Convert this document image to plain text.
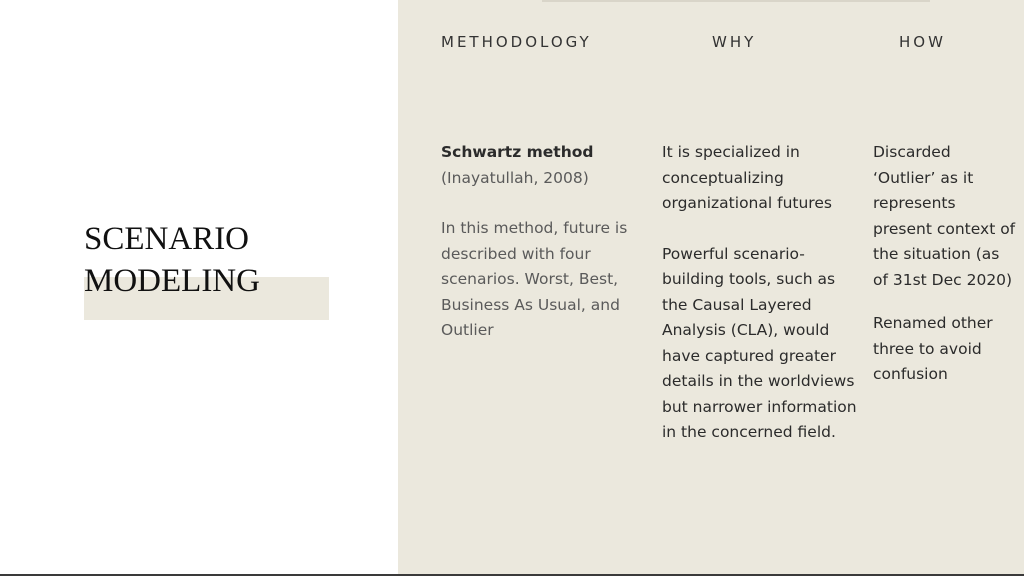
SCENARIO
MODELING
METHODOLOGY	WHY	HOW

Schwartz method

(Inayatullah, 2008)

In this method, future is described with four scenarios. Worst, Best, Business As Usual, and Outlier

It is specialized in conceptualizing organizational futures

Powerful scenario-building tools, such as the Causal Layered Analysis (CLA), would have captured greater details in the worldviews but narrower information in the concerned field.

Discarded ‘Outlier’ as it represents present context of the situation (as of 31st Dec 2020)

Renamed other three to avoid confusion
